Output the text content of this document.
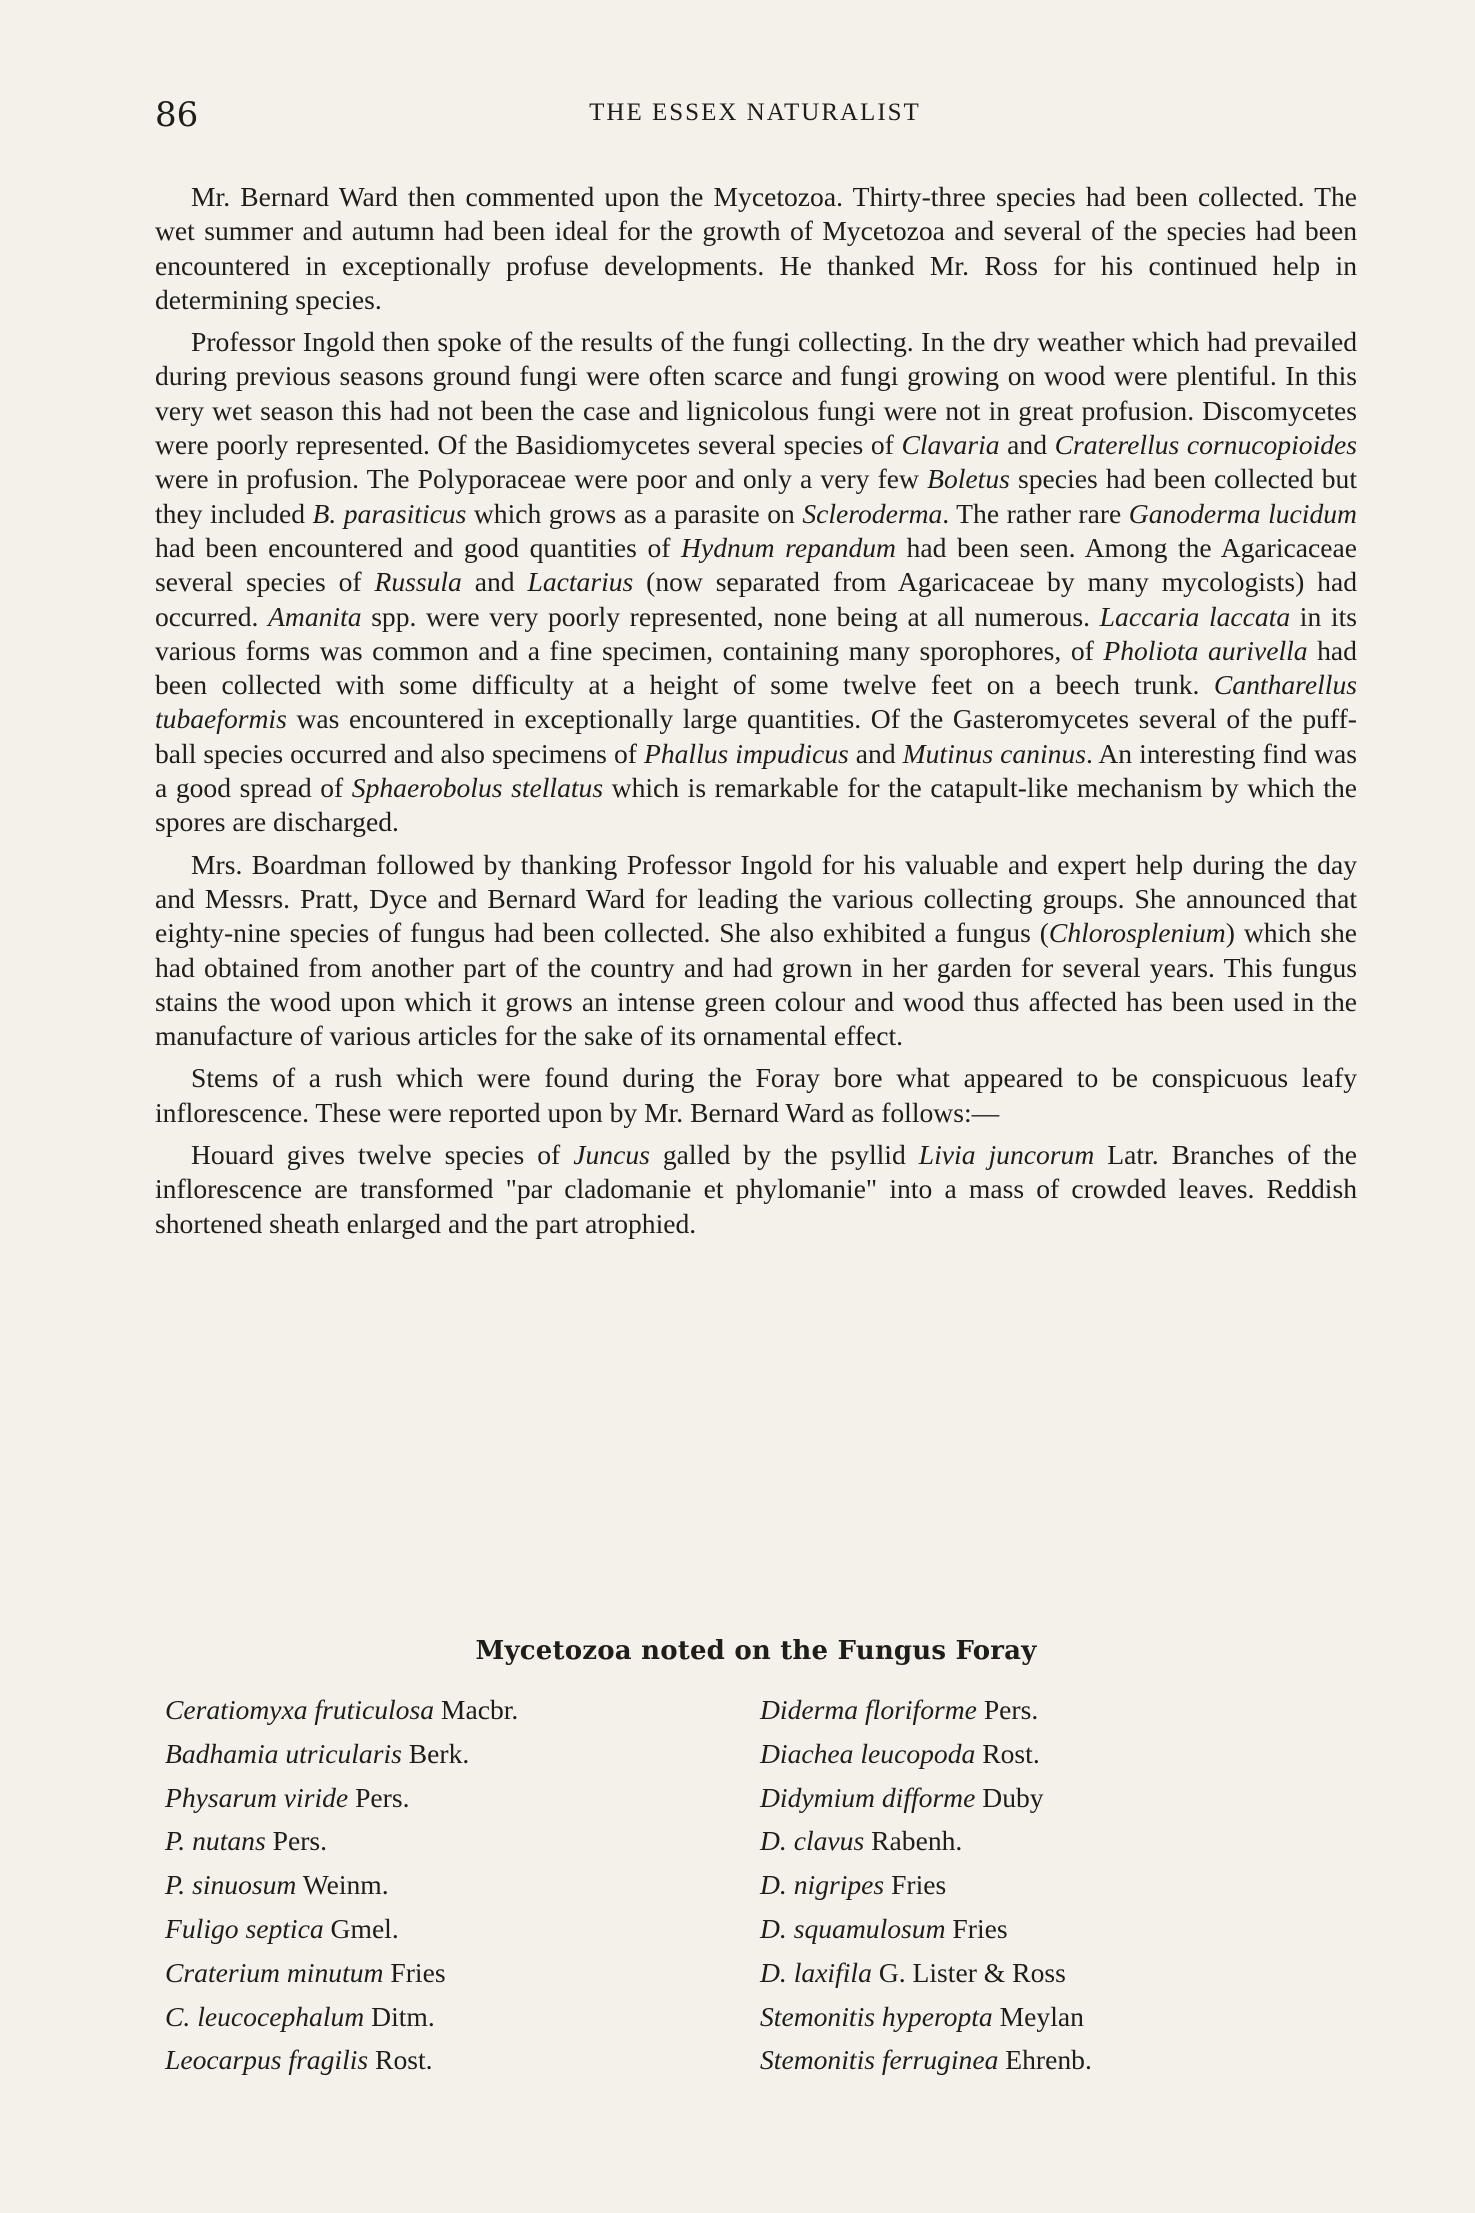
86	THE ESSEX NATURALIST

Mr. Bernard Ward then commented upon the Mycetozoa. Thirty-three species had been collected. The wet summer and autumn had been ideal for the growth of Mycetozoa and several of the species had been encountered in exceptionally profuse developments. He thanked Mr. Ross for his continued help in determining species.

Professor Ingold then spoke of the results of the fungi collecting. In the dry weather which had prevailed during previous seasons ground fungi were often scarce and fungi growing on wood were plentiful. In this very wet season this had not been the case and lignicolous fungi were not in great profusion. Discomycetes were poorly represented. Of the Basidiomycetes several species of Clavaria and Craterellus cornucopioides were in profusion. The Polyporaceae were poor and only a very few Boletus species had been collected but they included B. parasiticus which grows as a parasite on Scleroderma. The rather rare Ganoderma lucidum had been encountered and good quantities of Hydnum repandum had been seen. Among the Agaricaceae several species of Russula and Lactarius (now separated from Agaricaceae by many mycologists) had occurred. Amanita spp. were very poorly represented, none being at all numerous. Laccaria laccata in its various forms was common and a fine specimen, containing many sporophores, of Pholiota aurivella had been collected with some difficulty at a height of some twelve feet on a beech trunk. Cantharellus tubaeformis was encountered in exceptionally large quantities. Of the Gasteromycetes several of the puff-ball species occurred and also specimens of Phallus impudicus and Mutinus caninus. An interesting find was a good spread of Sphaerobolus stellatus which is remarkable for the catapult-like mechanism by which the spores are discharged.

Mrs. Boardman followed by thanking Professor Ingold for his valuable and expert help during the day and Messrs. Pratt, Dyce and Bernard Ward for leading the various collecting groups. She announced that eighty-nine species of fungus had been collected. She also exhibited a fungus (Chlorosplenium) which she had obtained from another part of the country and had grown in her garden for several years. This fungus stains the wood upon which it grows an intense green colour and wood thus affected has been used in the manufacture of various articles for the sake of its ornamental effect.

Stems of a rush which were found during the Foray bore what appeared to be conspicuous leafy inflorescence. These were reported upon by Mr. Bernard Ward as follows:—

Houard gives twelve species of Juncus galled by the psyllid Livia juncorum Latr. Branches of the inflorescence are transformed "par cladomanie et phylomanie" into a mass of crowded leaves. Reddish shortened sheath enlarged and the part atrophied.

Mycetozoa noted on the Fungus Foray
Ceratiomyxa fruticulosa Macbr.	Diderma floriforme Pers.
Badhamia utricularis Berk.	Diachea leucopoda Rost.
Physarum viride Pers.	Didymium difforme Duby
P. nutans Pers.	D. clavus Rabenh.
P. sinuosum Weinm.	D. nigripes Fries
Fuligo septica Gmel.	D. squamulosum Fries
Craterium minutum Fries	D. laxifila G. Lister & Ross
C. leucocephalum Ditm.	Stemonitis hyperopta Meylan
Leocarpus fragilis Rost.	Stemonitis ferruginea Ehrenb.
